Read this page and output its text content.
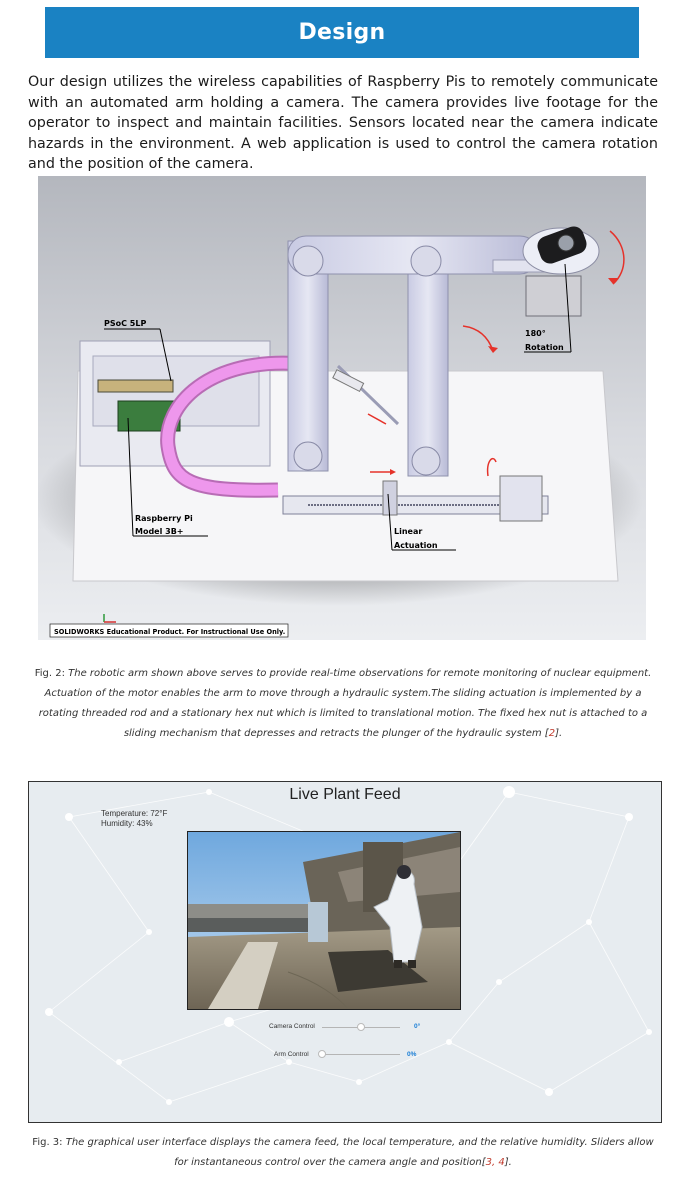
Design
Our design utilizes the wireless capabilities of Raspberry Pis to remotely communicate with an automated arm holding a camera. The camera provides live footage for the operator to inspect and maintain facilities. Sensors located near the camera indicate hazards in the environment. A web application is used to control the camera rotation and the position of the camera.
PSoC 5LP
180°
Rotation
Raspberry Pi
Model 3B+	Linear
Actuation
SOLIDWORKS Educational Product. For Instructional Use Only.
Fig. 2: The robotic arm shown above serves to provide real-time observations for remote monitoring of nuclear equipment. Actuation of the motor enables the arm to move through a hydraulic system.The sliding actuation is implemented by a rotating threaded rod and a stationary hex nut which is limited to translational motion. The fixed hex nut is attached to a sliding mechanism that depresses and retracts the plunger of the hydraulic system [2].
Live Plant Feed
Temperature: 72°F
Humidity: 43%
Camera Control	0°
Arm Control	0%
Fig. 3: The graphical user interface displays the camera feed, the local temperature, and the relative humidity. Sliders allow for instantaneous control over the camera angle and position[3, 4].
